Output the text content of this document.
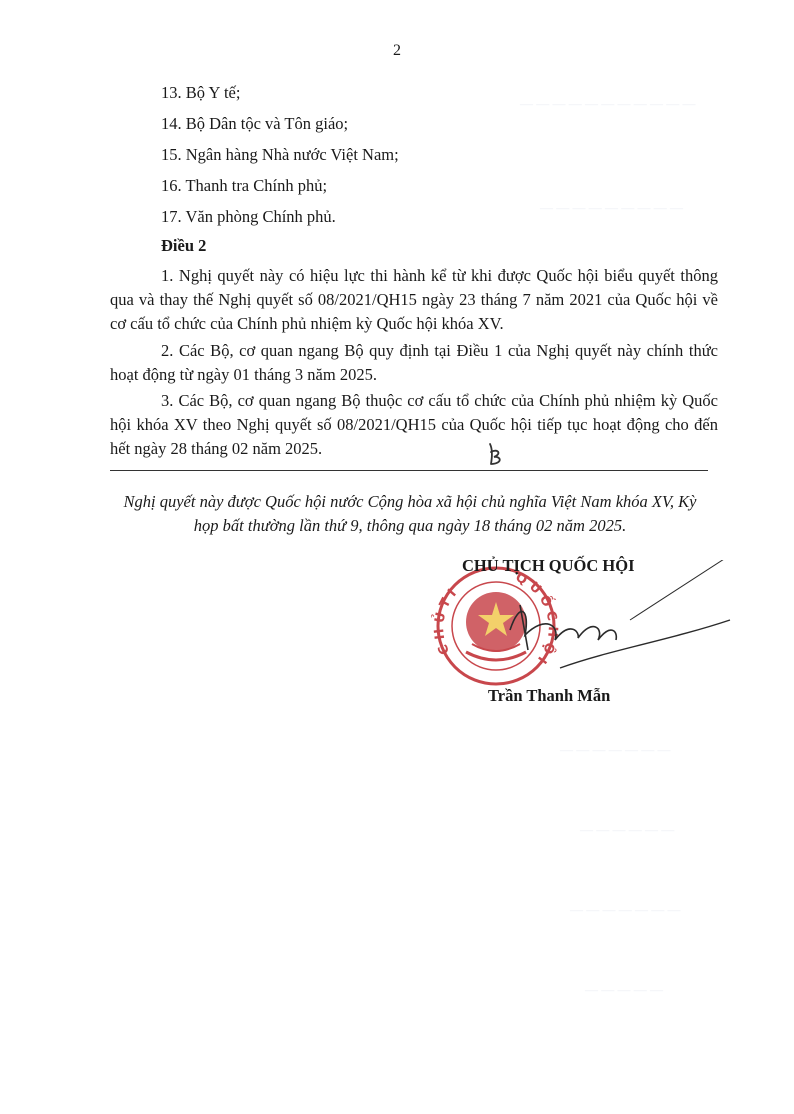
2
— — — — — — — — — — —
— — — — — — — — —
— — — — — — —
— — — — — —
— — — — — — —
— — — — —
13. Bộ Y tế;
14. Bộ Dân tộc và Tôn giáo;
15. Ngân hàng Nhà nước Việt Nam;
16. Thanh tra Chính phủ;
17. Văn phòng Chính phủ.
Điều 2
1. Nghị quyết này có hiệu lực thi hành kể từ khi được Quốc hội biểu quyết thông qua và thay thế Nghị quyết số 08/2021/QH15 ngày 23 tháng 7 năm 2021 của Quốc hội về cơ cấu tổ chức của Chính phủ nhiệm kỳ Quốc hội khóa XV.
2. Các Bộ, cơ quan ngang Bộ quy định tại Điều 1 của Nghị quyết này chính thức hoạt động từ ngày 01 tháng 3 năm 2025.
3. Các Bộ, cơ quan ngang Bộ thuộc cơ cấu tổ chức của Chính phủ nhiệm kỳ Quốc hội khóa XV theo Nghị quyết số 08/2021/QH15 của Quốc hội tiếp tục hoạt động cho đến hết ngày 28 tháng 02 năm 2025.
Nghị quyết này được Quốc hội nước Cộng hòa xã hội chủ nghĩa Việt Nam khóa XV, Kỳ họp bất thường lần thứ 9, thông qua ngày 18 tháng 02 năm 2025.
C H Ủ T I
Q U Ố C H Ộ I
CHỦ TỊCH QUỐC HỘI
Trần Thanh Mẫn
